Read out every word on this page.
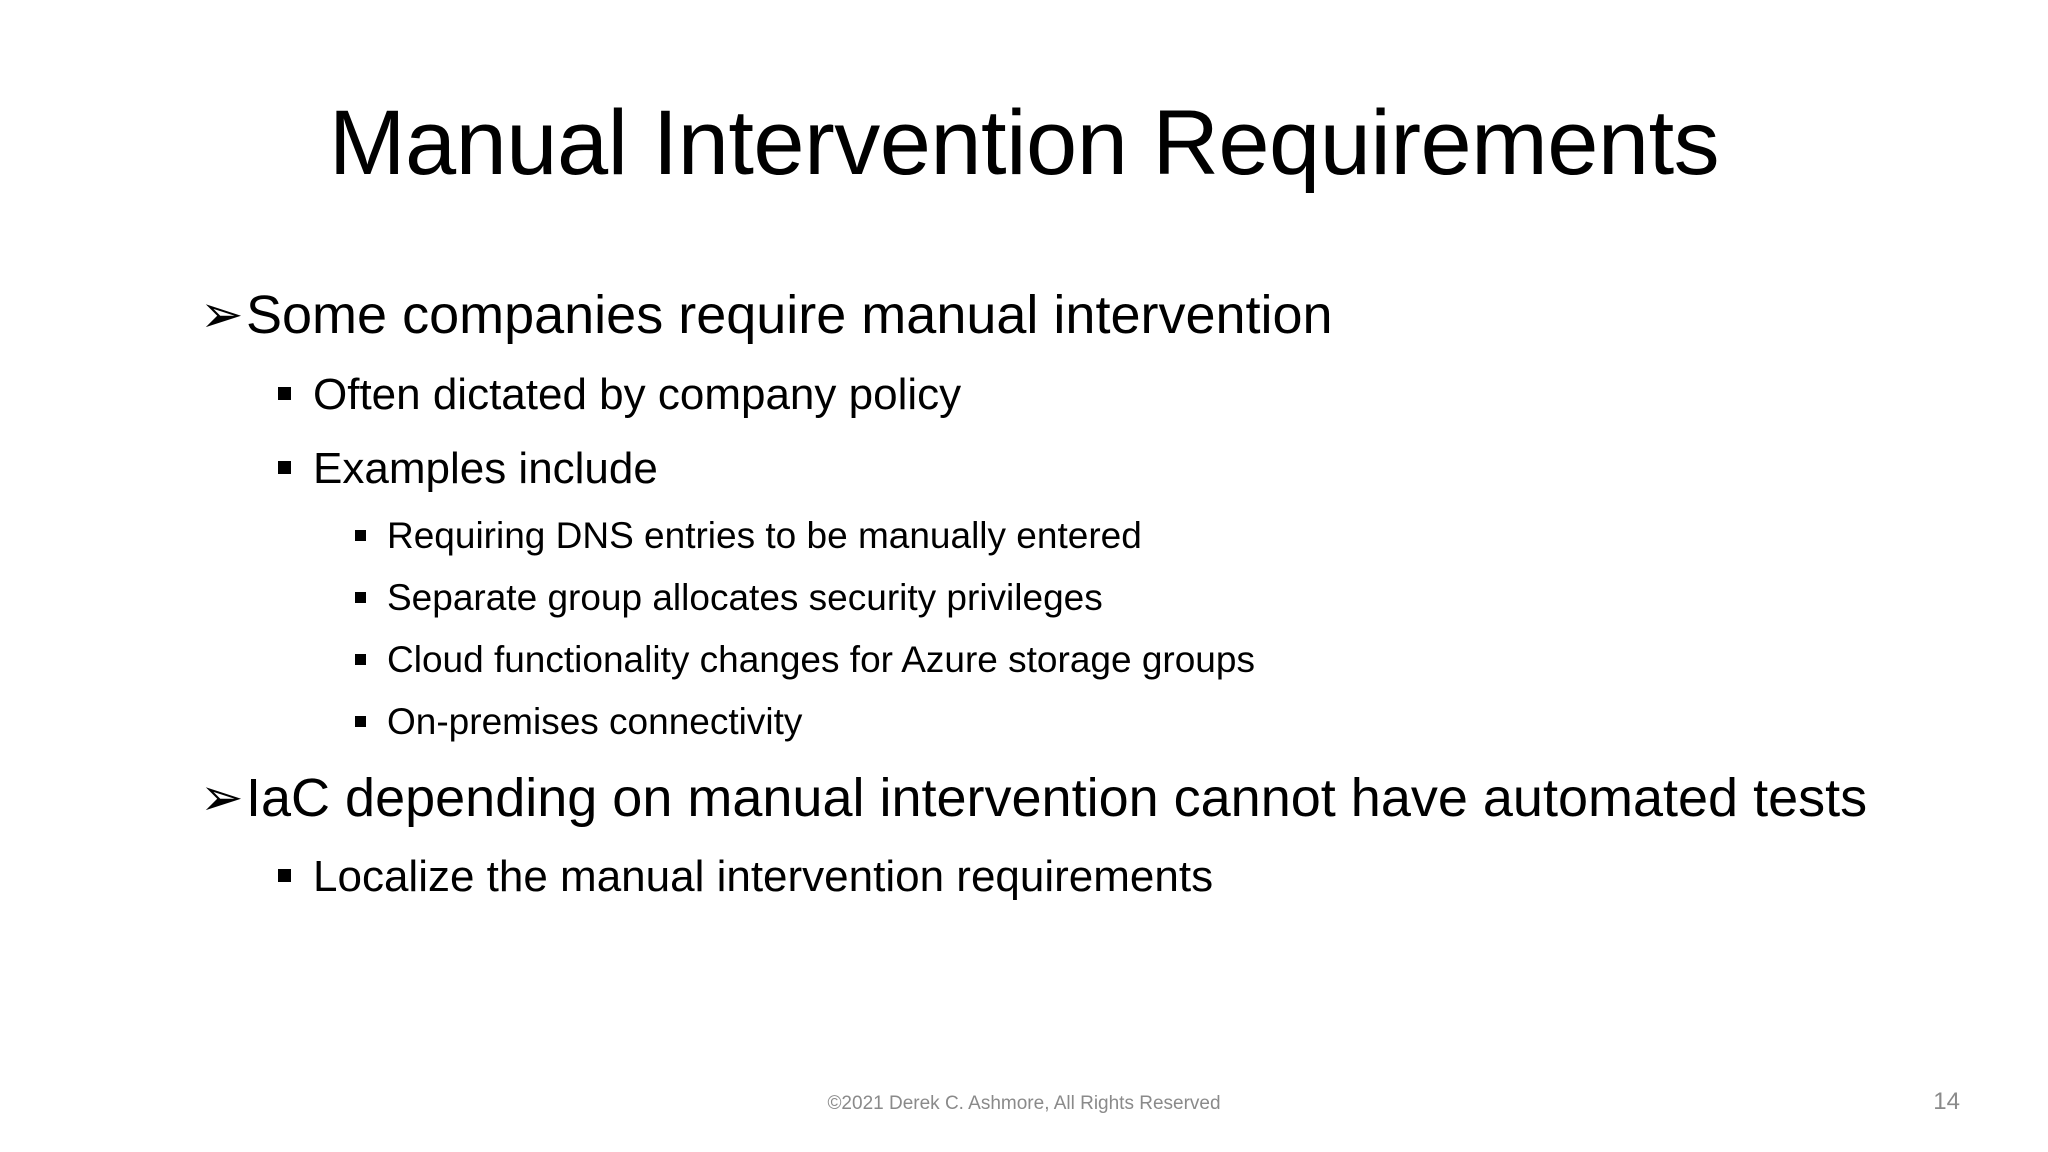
Manual Intervention Requirements
➢Some companies require manual intervention
Often dictated by company policy
Examples include
Requiring DNS entries to be manually entered
Separate group allocates security privileges
Cloud functionality changes for Azure storage groups
On-premises connectivity
➢IaC depending on manual intervention cannot have automated tests
Localize the manual intervention requirements
©2021 Derek C. Ashmore, All Rights Reserved	14
